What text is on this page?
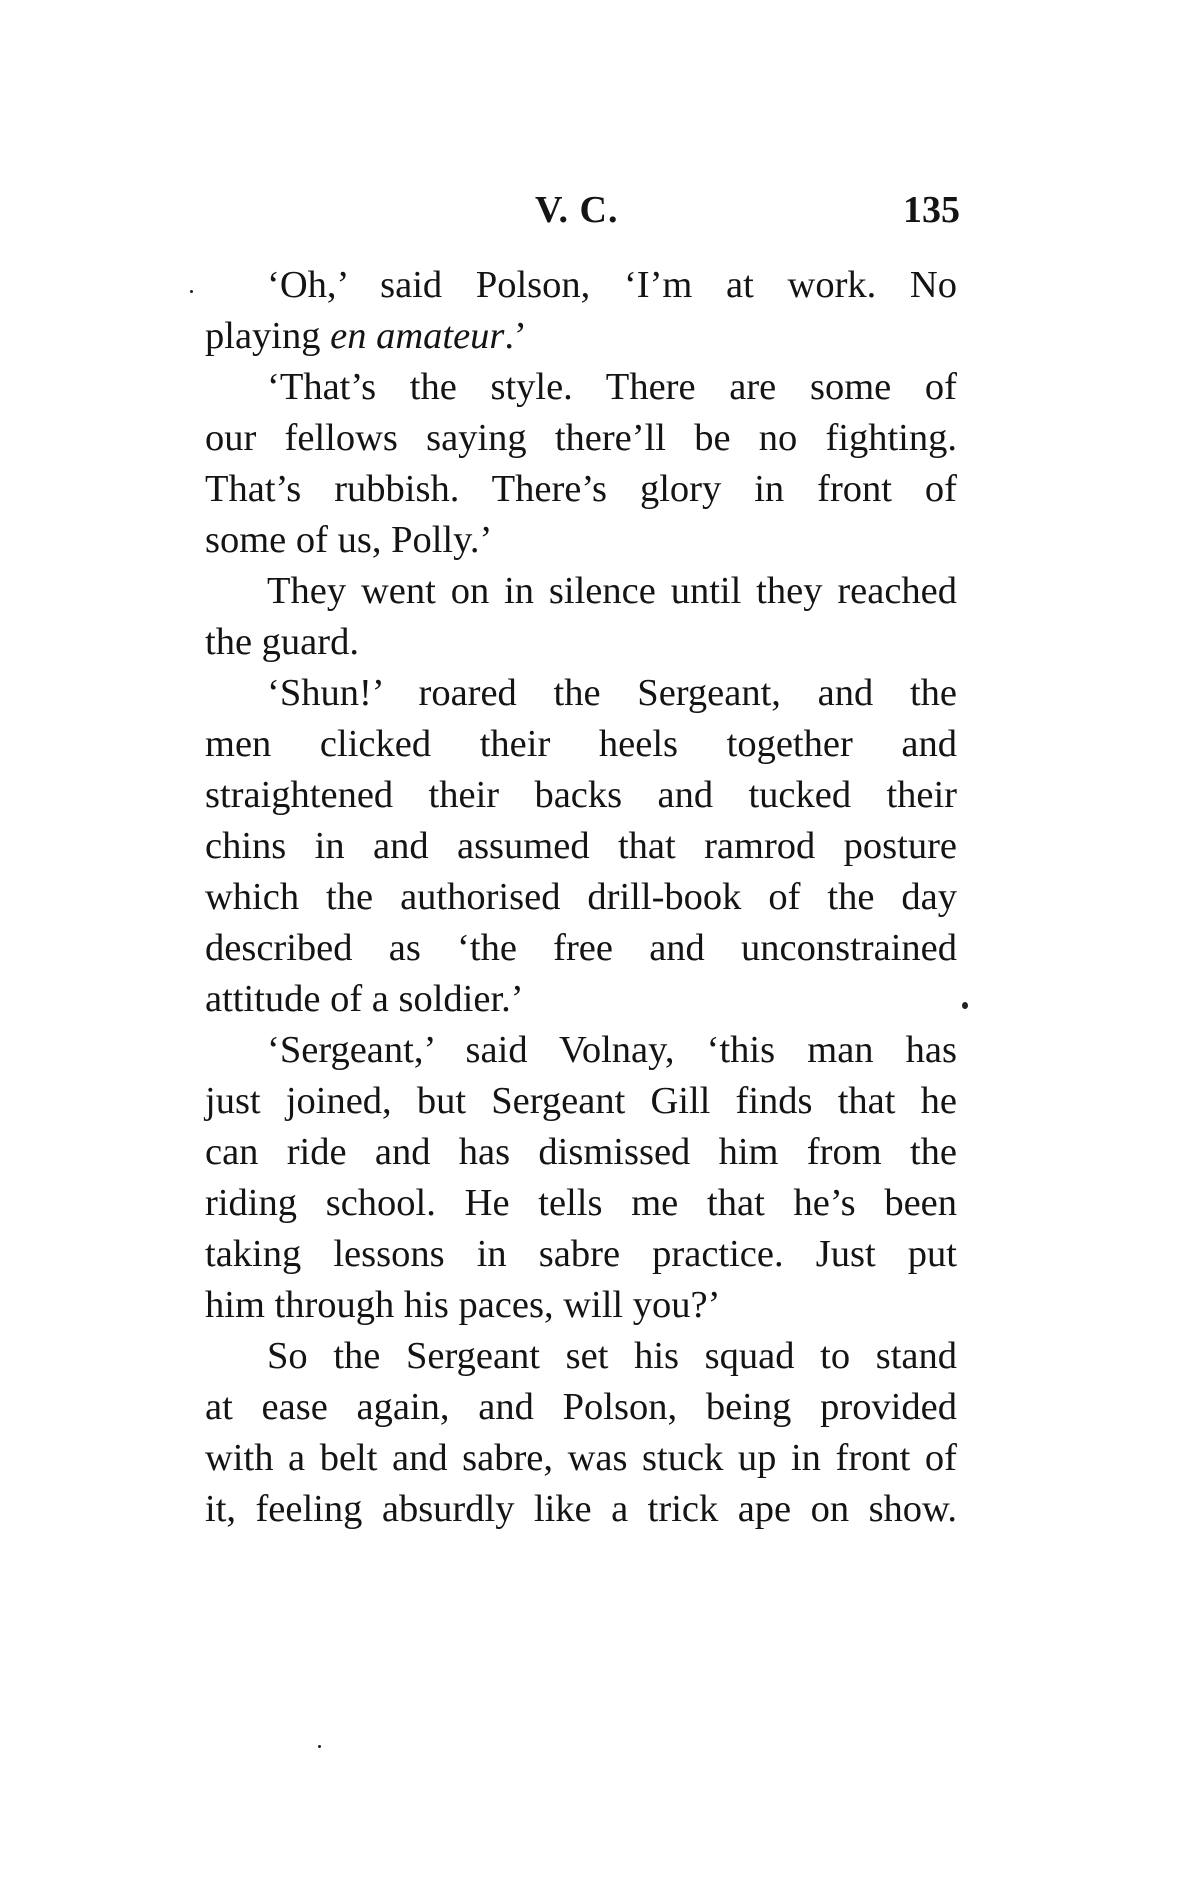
V. C.	135
‘Oh,’ said Polson, ‘I’m at work. No
playing en amateur.’
‘That’s the style. There are some of
our fellows saying there’ll be no fighting.
That’s rubbish. There’s glory in front of
some of us, Polly.’
They went on in silence until they reached
the guard.
‘Shun!’ roared the Sergeant, and the
men clicked their heels together and
straightened their backs and tucked their
chins in and assumed that ramrod posture
which the authorised drill-book of the day
described as ‘the free and unconstrained
attitude of a soldier.’
‘Sergeant,’ said Volnay, ‘this man has
just joined, but Sergeant Gill finds that he
can ride and has dismissed him from the
riding school. He tells me that he’s been
taking lessons in sabre practice. Just put
him through his paces, will you?’
So the Sergeant set his squad to stand
at ease again, and Polson, being provided
with a belt and sabre, was stuck up in front of
it, feeling absurdly like a trick ape on show.
